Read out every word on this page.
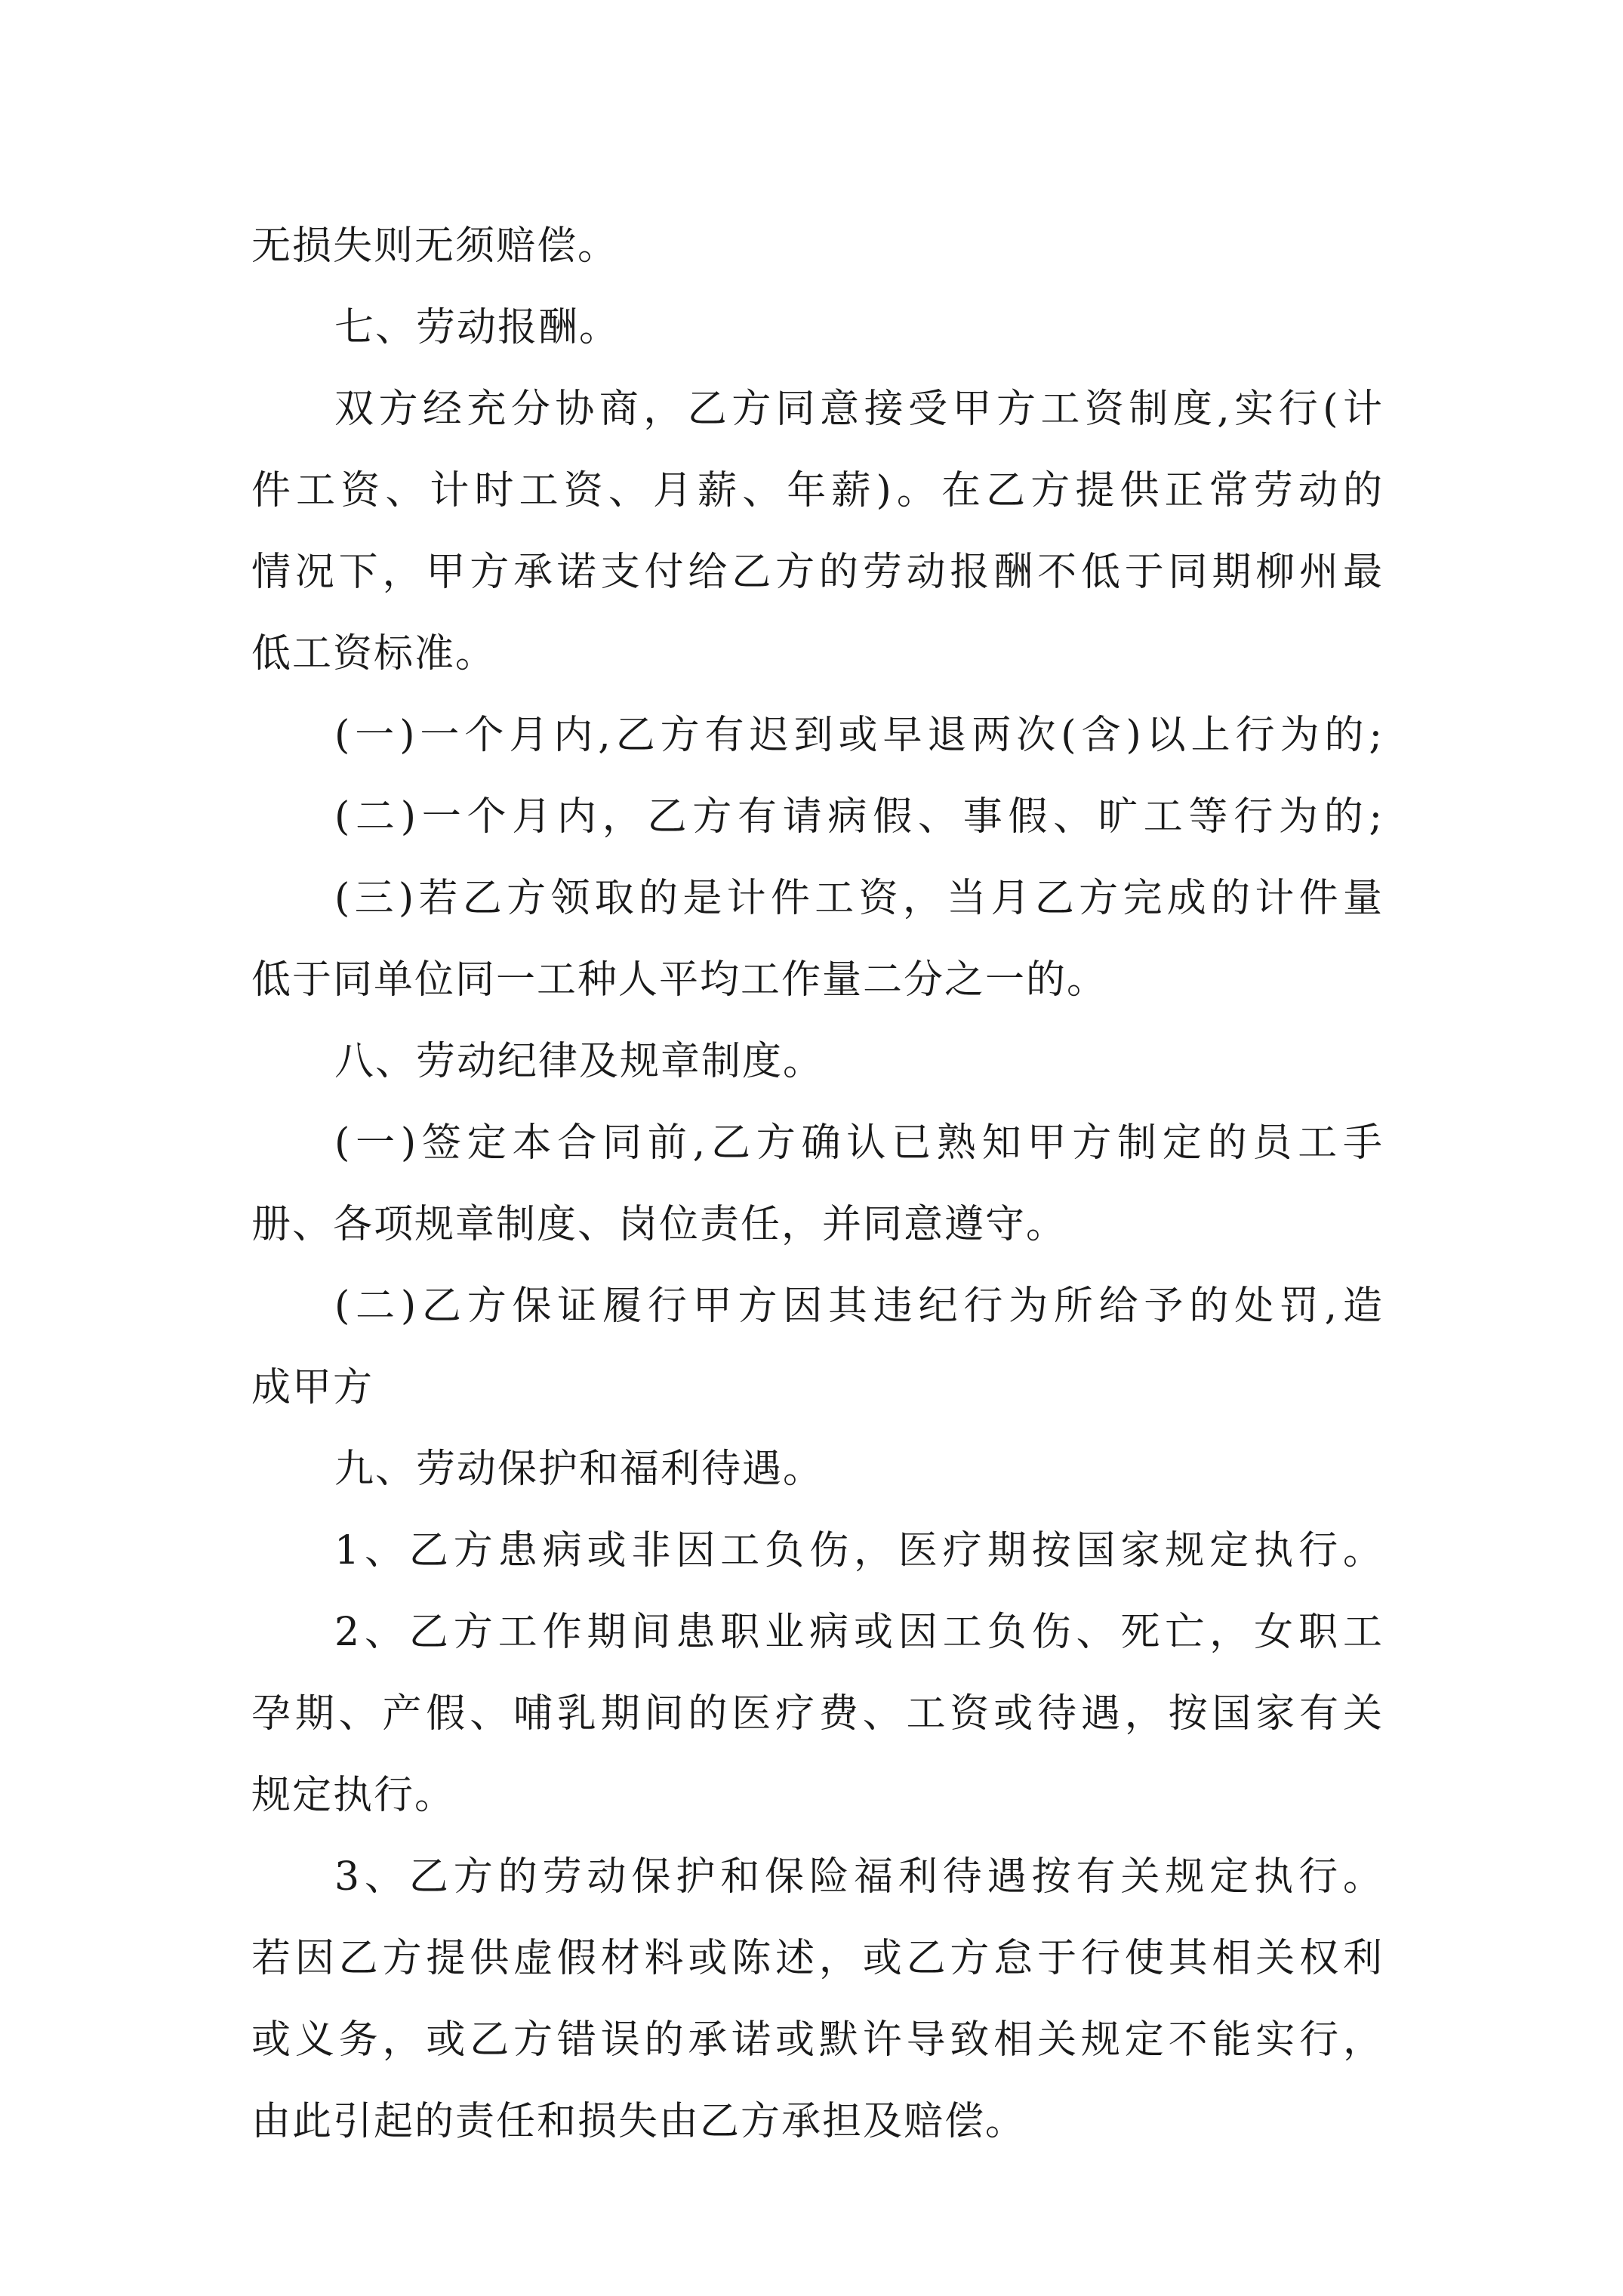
无损失则无须赔偿。
七、劳动报酬。
双方经充分协商，乙方同意接受甲方工资制度,实行(计
件工资、计时工资、月薪、年薪)。在乙方提供正常劳动的
情况下，甲方承诺支付给乙方的劳动报酬不低于同期柳州最
低工资标准。
(一)一个月内,乙方有迟到或早退两次(含)以上行为的;
(二)一个月内，乙方有请病假、事假、旷工等行为的;
(三)若乙方领取的是计件工资，当月乙方完成的计件量
低于同单位同一工种人平均工作量二分之一的。
八、劳动纪律及规章制度。
(一)签定本合同前,乙方确认已熟知甲方制定的员工手
册、各项规章制度、岗位责任，并同意遵守。
(二)乙方保证履行甲方因其违纪行为所给予的处罚,造
成甲方
九、劳动保护和福利待遇。
1、乙方患病或非因工负伤，医疗期按国家规定执行。
2、乙方工作期间患职业病或因工负伤、死亡，女职工
孕期、产假、哺乳期间的医疗费、工资或待遇，按国家有关
规定执行。
3、乙方的劳动保护和保险福利待遇按有关规定执行。
若因乙方提供虚假材料或陈述，或乙方怠于行使其相关权利
或义务，或乙方错误的承诺或默许导致相关规定不能实行，
由此引起的责任和损失由乙方承担及赔偿。
